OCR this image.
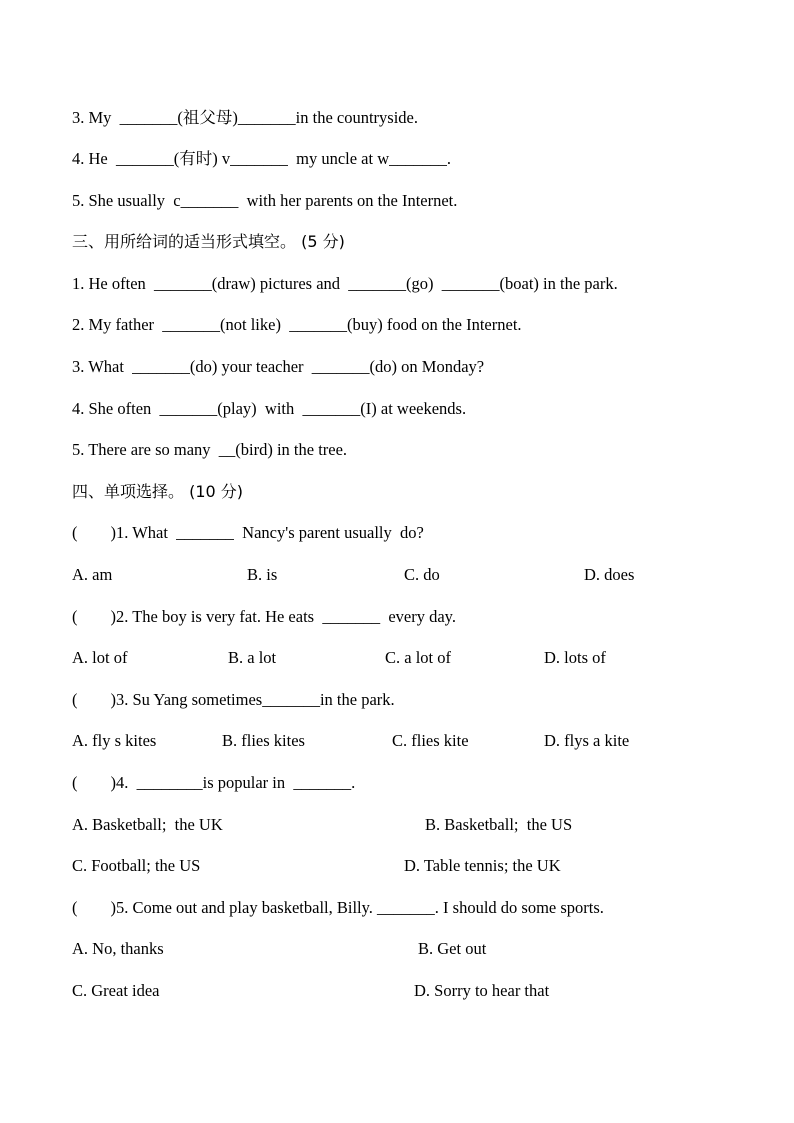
3. My  _______(祖父母)_______in the countryside.
4. He  _______(有时) v_______  my uncle at w_______.
5. She usually  c_______  with her parents on the Internet.
三、用所给词的适当形式填空。 (5 分)
1. He often  _______(draw) pictures and  _______(go)  _______(boat) in the park.
2. My father  _______(not like)  _______(buy) food on the Internet.
3. What  _______(do) your teacher  _______(do) on Monday?
4. She often  _______(play)  with  _______(I) at weekends.
5. There are so many  __(bird) in the tree.
四、单项选择。 (10 分)
(        )1. What  _______  Nancy's parent usually  do?
A. am	B. is	C. do	D. does
(        )2. The boy is very fat. He eats  _______  every day.
A. lot of	B. a lot	C. a lot of	D. lots of
(        )3. Su Yang sometimes_______in the park.
A. fly s kites	B. flies kites	C. flies kite	D. flys a kite
(        )4.  ________is popular in  _______.
A. Basketball;  the UK	B. Basketball;  the US
C. Football; the US	D. Table tennis; the UK
(        )5. Come out and play basketball, Billy. _______. I should do some sports.
A. No, thanks	B. Get out
C. Great idea	D. Sorry to hear that
